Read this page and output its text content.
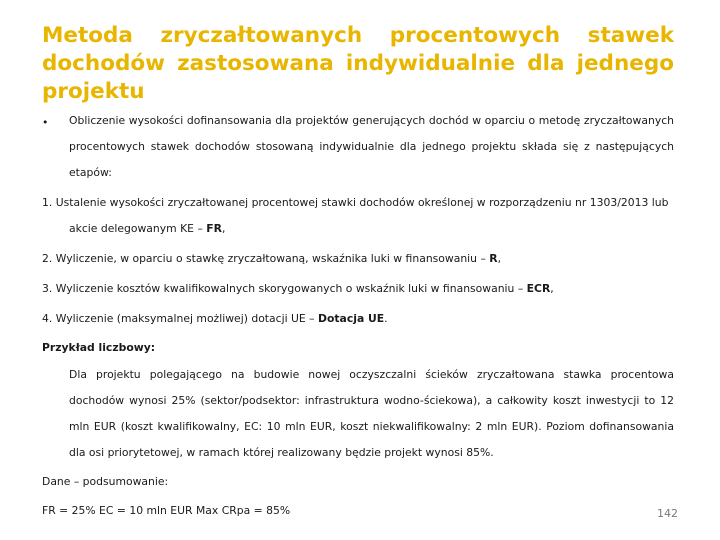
Metoda zryczałtowanych procentowych stawek dochodów zastosowana indywidualnie dla jednego projektu
•	Obliczenie wysokości dofinansowania dla projektów generujących dochód w oparciu o metodę zryczałtowanych procentowych stawek dochodów stosowaną indywidualnie dla jednego projektu składa się z następujących etapów:
1. Ustalenie wysokości zryczałtowanej procentowej stawki dochodów określonej w rozporządzeniu nr 1303/2013 lub
akcie delegowanym KE – FR,
2. Wyliczenie, w oparciu o stawkę zryczałtowaną, wskaźnika luki w finansowaniu – R,
3. Wyliczenie kosztów kwalifikowalnych skorygowanych o wskaźnik luki w finansowaniu – ECR,
4. Wyliczenie (maksymalnej możliwej) dotacji UE – Dotacja UE.
Przykład liczbowy:
Dla projektu polegającego na budowie nowej oczyszczalni ścieków zryczałtowana stawka procentowa dochodów wynosi 25% (sektor/podsektor: infrastruktura wodno-ściekowa), a całkowity koszt inwestycji to 12 mln EUR (koszt kwalifikowalny, EC: 10 mln EUR, koszt niekwalifikowalny: 2 mln EUR). Poziom dofinansowania dla osi priorytetowej, w ramach której realizowany będzie projekt wynosi 85%.
Dane – podsumowanie:
FR = 25% EC = 10 mln EUR Max CRpa = 85%	142
